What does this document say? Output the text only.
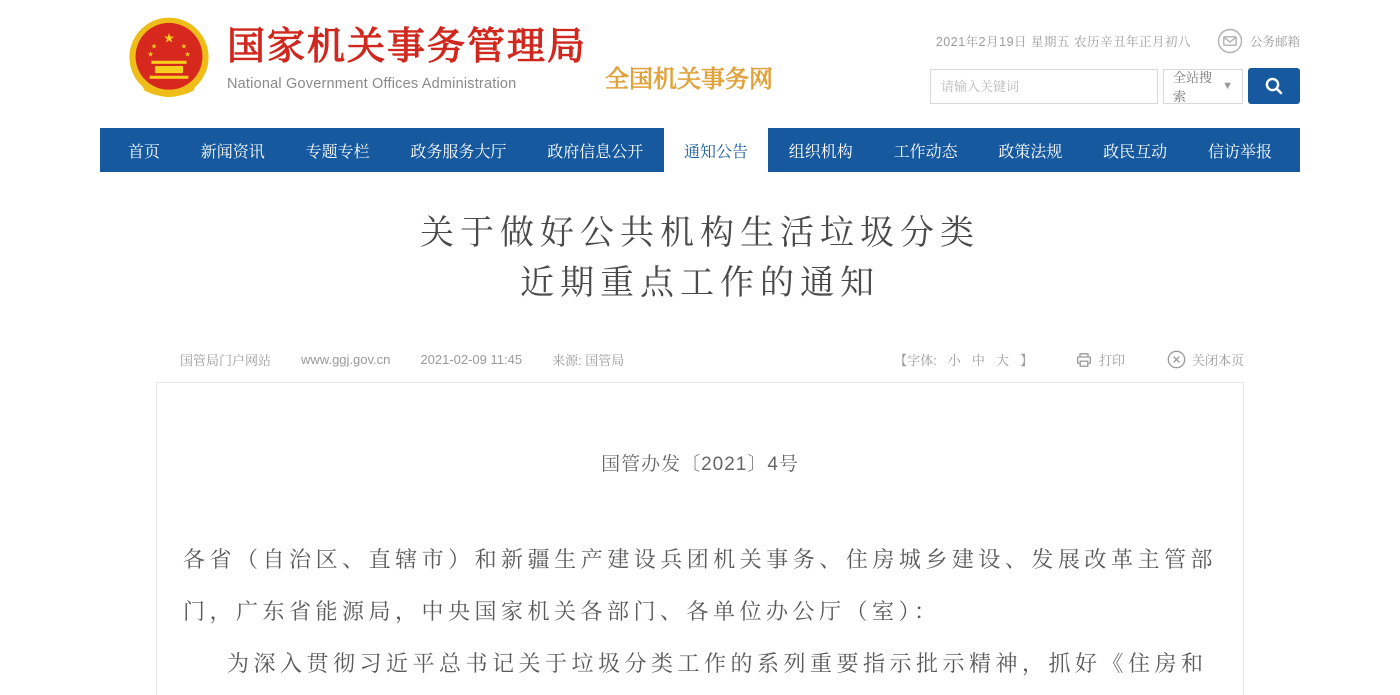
★
★	★
★	★ 国家机关事务管理局
National Government Offices Administration	全国机关事务网
2021年2月19日 星期五 农历辛丑年正月初八	公务邮箱
请输入关键词
全站搜索
▼
首页	新闻资讯	专题专栏	政务服务大厅	政府信息公开	通知公告	组织机构	工作动态	政策法规	政民互动	信访举报
关于做好公共机构生活垃圾分类
近期重点工作的通知
国管局门户网站 www.ggj.gov.cn 2021-02-09 11:45 来源: 国管局	【字体: 小 中 大 】	打印	关闭本页
国管办发〔2021〕4号

各省（自治区、直辖市）和新疆生产建设兵团机关事务、住房城乡建设、发展改革主管部门，广东省能源局，中央国家机关各部门、各单位办公厅（室）：

为深入贯彻习近平总书记关于垃圾分类工作的系列重要指示批示精神，抓好《住房和
